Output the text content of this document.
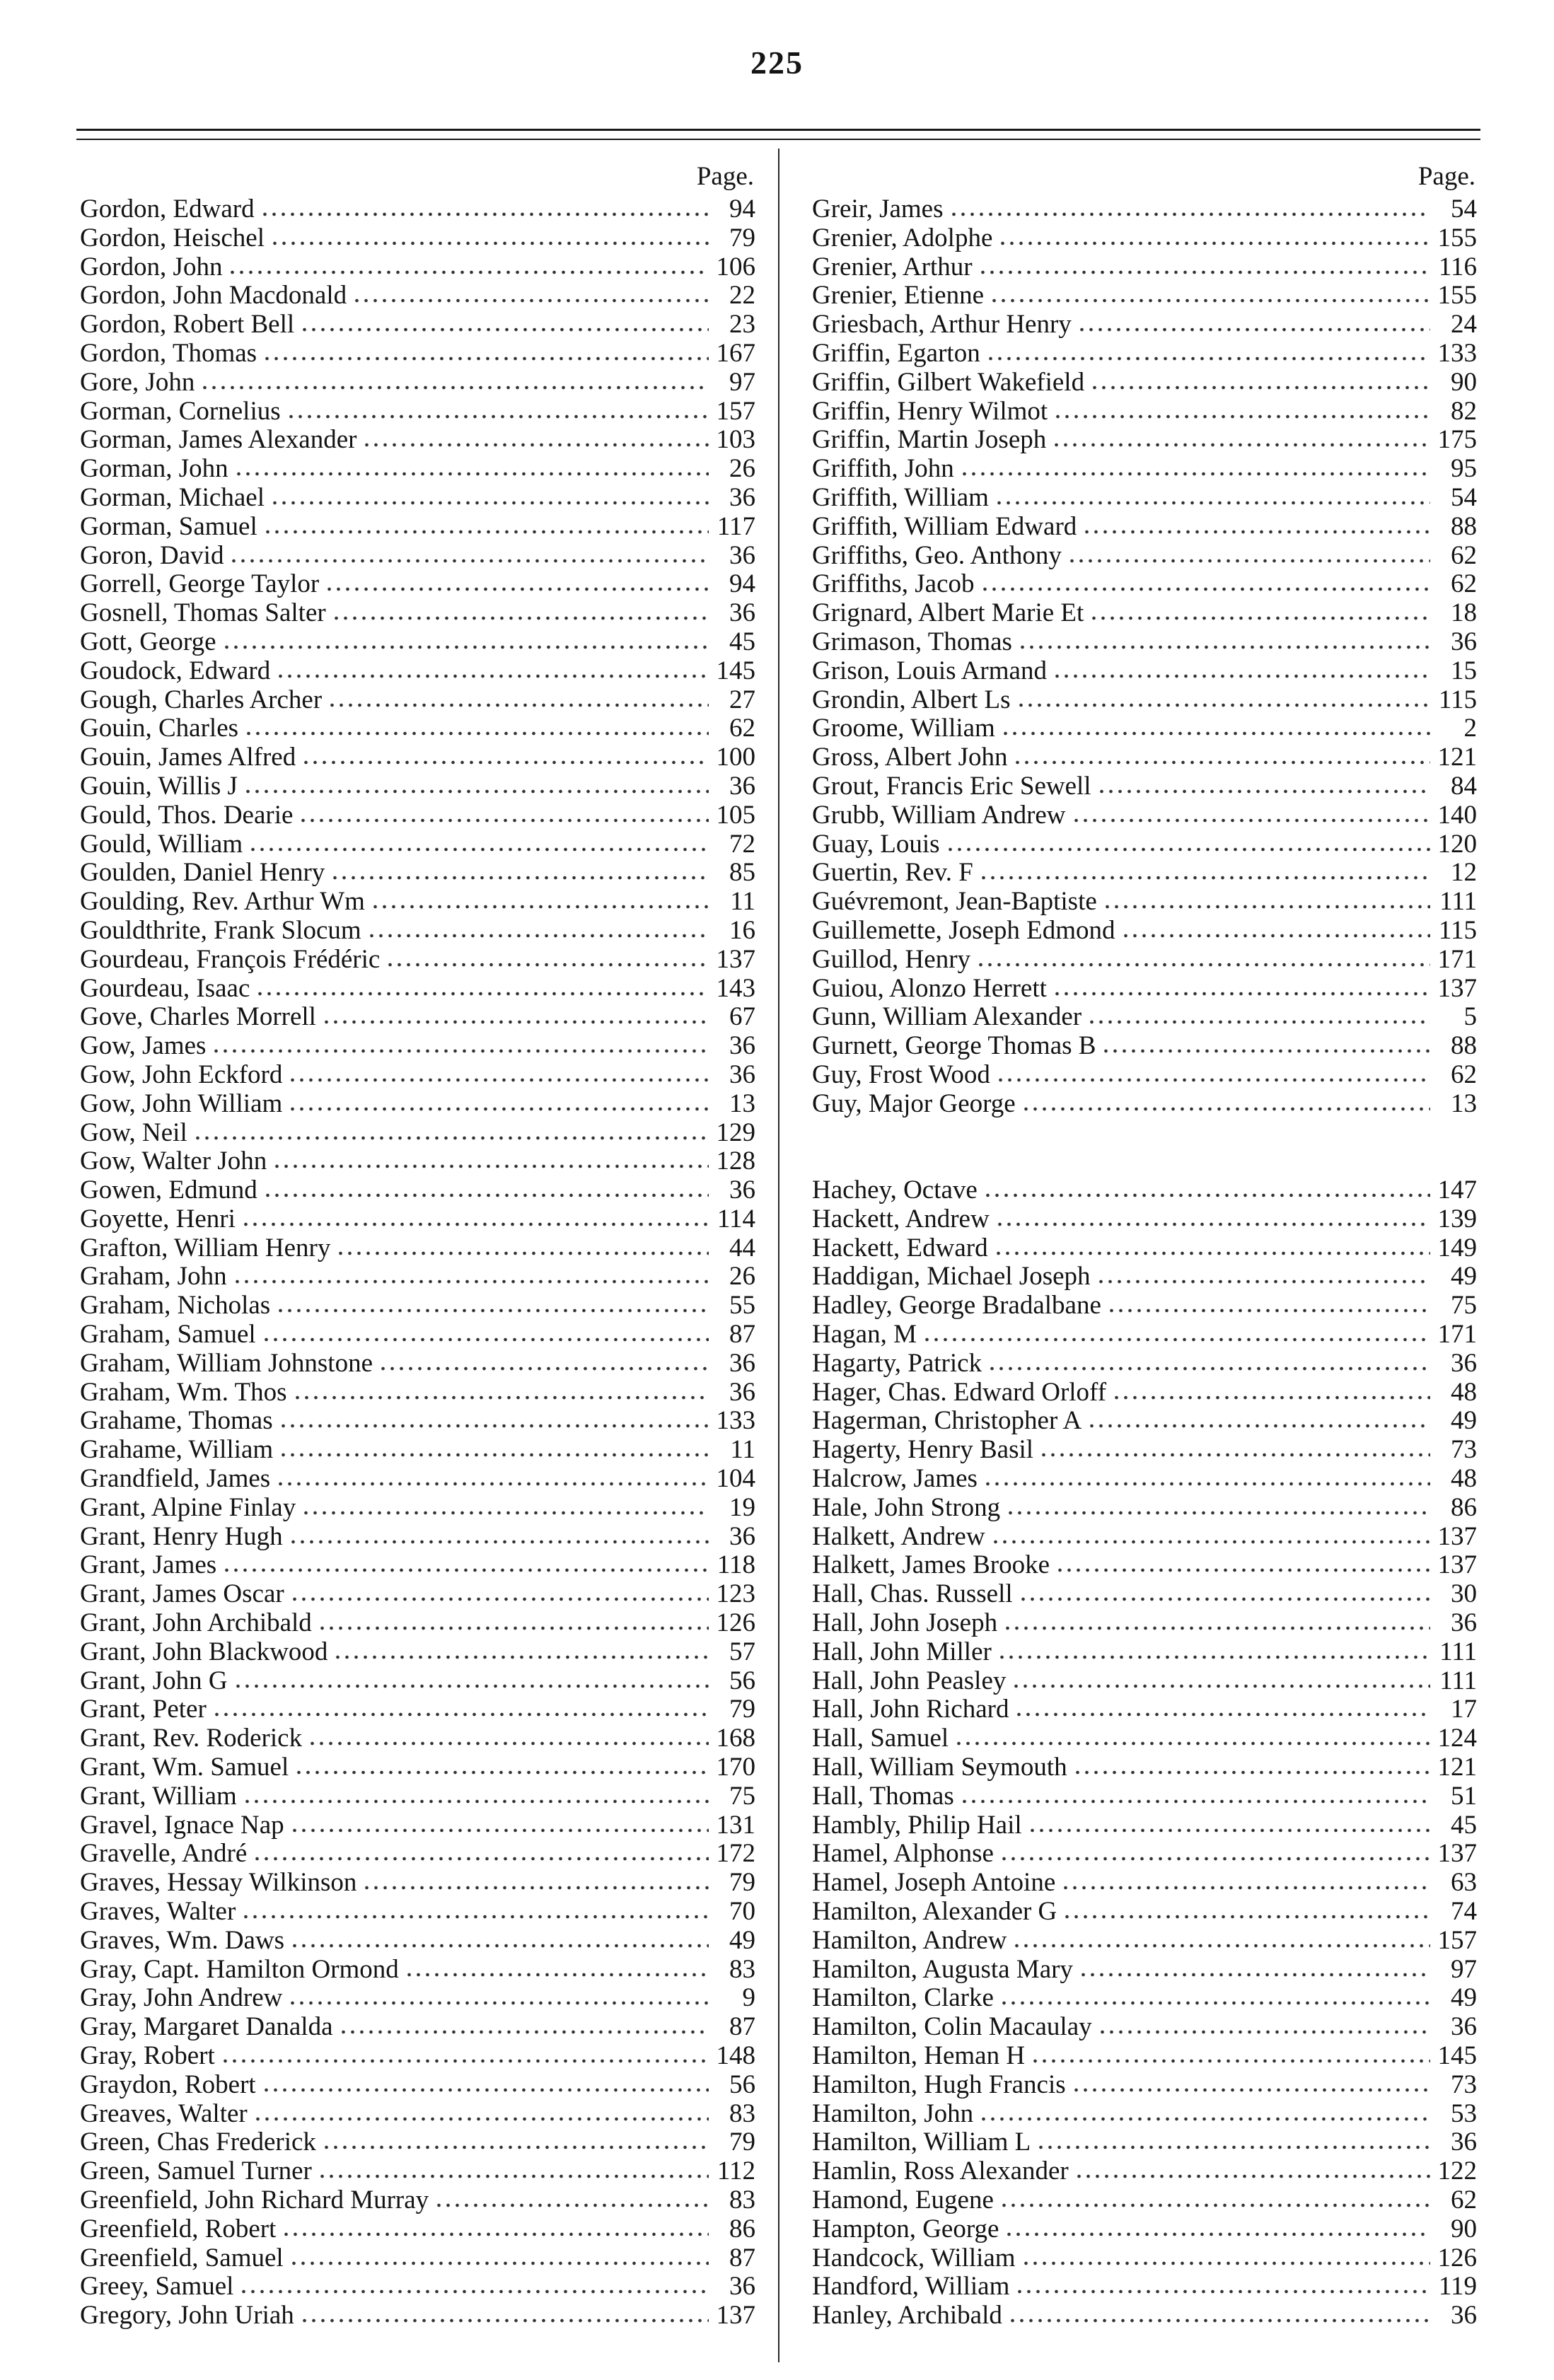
225
Page.
Gordon, Edward	94
Gordon, Heischel	79
Gordon, John	106
Gordon, John Macdonald	22
Gordon, Robert Bell	23
Gordon, Thomas	167
Gore, John	97
Gorman, Cornelius	157
Gorman, James Alexander	103
Gorman, John	26
Gorman, Michael	36
Gorman, Samuel	117
Goron, David	36
Gorrell, George Taylor	94
Gosnell, Thomas Salter	36
Gott, George	45
Goudock, Edward	145
Gough, Charles Archer	27
Gouin, Charles	62
Gouin, James Alfred	100
Gouin, Willis J	36
Gould, Thos. Dearie	105
Gould, William	72
Goulden, Daniel Henry	85
Goulding, Rev. Arthur Wm	11
Gouldthrite, Frank Slocum	16
Gourdeau, François Frédéric	137
Gourdeau, Isaac	143
Gove, Charles Morrell	67
Gow, James	36
Gow, John Eckford	36
Gow, John William	13
Gow, Neil	129
Gow, Walter John	128
Gowen, Edmund	36
Goyette, Henri	114
Grafton, William Henry	44
Graham, John	26
Graham, Nicholas	55
Graham, Samuel	87
Graham, William Johnstone	36
Graham, Wm. Thos	36
Grahame, Thomas	133
Grahame, William	11
Grandfield, James	104
Grant, Alpine Finlay	19
Grant, Henry Hugh	36
Grant, James	118
Grant, James Oscar	123
Grant, John Archibald	126
Grant, John Blackwood	57
Grant, John G	56
Grant, Peter	79
Grant, Rev. Roderick	168
Grant, Wm. Samuel	170
Grant, William	75
Gravel, Ignace Nap	131
Gravelle, André	172
Graves, Hessay Wilkinson	79
Graves, Walter	70
Graves, Wm. Daws	49
Gray, Capt. Hamilton Ormond	83
Gray, John Andrew	9
Gray, Margaret Danalda	87
Gray, Robert	148
Graydon, Robert	56
Greaves, Walter	83
Green, Chas Frederick	79
Green, Samuel Turner	112
Greenfield, John Richard Murray	83
Greenfield, Robert	86
Greenfield, Samuel	87
Greey, Samuel	36
Gregory, John Uriah	137
Page.
Greir, James	54
Grenier, Adolphe	155
Grenier, Arthur	116
Grenier, Etienne	155
Griesbach, Arthur Henry	24
Griffin, Egarton	133
Griffin, Gilbert Wakefield	90
Griffin, Henry Wilmot	82
Griffin, Martin Joseph	175
Griffith, John	95
Griffith, William	54
Griffith, William Edward	88
Griffiths, Geo. Anthony	62
Griffiths, Jacob	62
Grignard, Albert Marie Et	18
Grimason, Thomas	36
Grison, Louis Armand	15
Grondin, Albert Ls	115
Groome, William	2
Gross, Albert John	121
Grout, Francis Eric Sewell	84
Grubb, William Andrew	140
Guay, Louis	120
Guertin, Rev. F	12
Guévremont, Jean-Baptiste	111
Guillemette, Joseph Edmond	115
Guillod, Henry	171
Guiou, Alonzo Herrett	137
Gunn, William Alexander	5
Gurnett, George Thomas B	88
Guy, Frost Wood	62
Guy, Major George	13
Hachey, Octave	147
Hackett, Andrew	139
Hackett, Edward	149
Haddigan, Michael Joseph	49
Hadley, George Bradalbane	75
Hagan, M	171
Hagarty, Patrick	36
Hager, Chas. Edward Orloff	48
Hagerman, Christopher A	49
Hagerty, Henry Basil	73
Halcrow, James	48
Hale, John Strong	86
Halkett, Andrew	137
Halkett, James Brooke	137
Hall, Chas. Russell	30
Hall, John Joseph	36
Hall, John Miller	111
Hall, John Peasley	111
Hall, John Richard	17
Hall, Samuel	124
Hall, William Seymouth	121
Hall, Thomas	51
Hambly, Philip Hail	45
Hamel, Alphonse	137
Hamel, Joseph Antoine	63
Hamilton, Alexander G	74
Hamilton, Andrew	157
Hamilton, Augusta Mary	97
Hamilton, Clarke	49
Hamilton, Colin Macaulay	36
Hamilton, Heman H	145
Hamilton, Hugh Francis	73
Hamilton, John	53
Hamilton, William L	36
Hamlin, Ross Alexander	122
Hamond, Eugene	62
Hampton, George	90
Handcock, William	126
Handford, William	119
Hanley, Archibald	36
